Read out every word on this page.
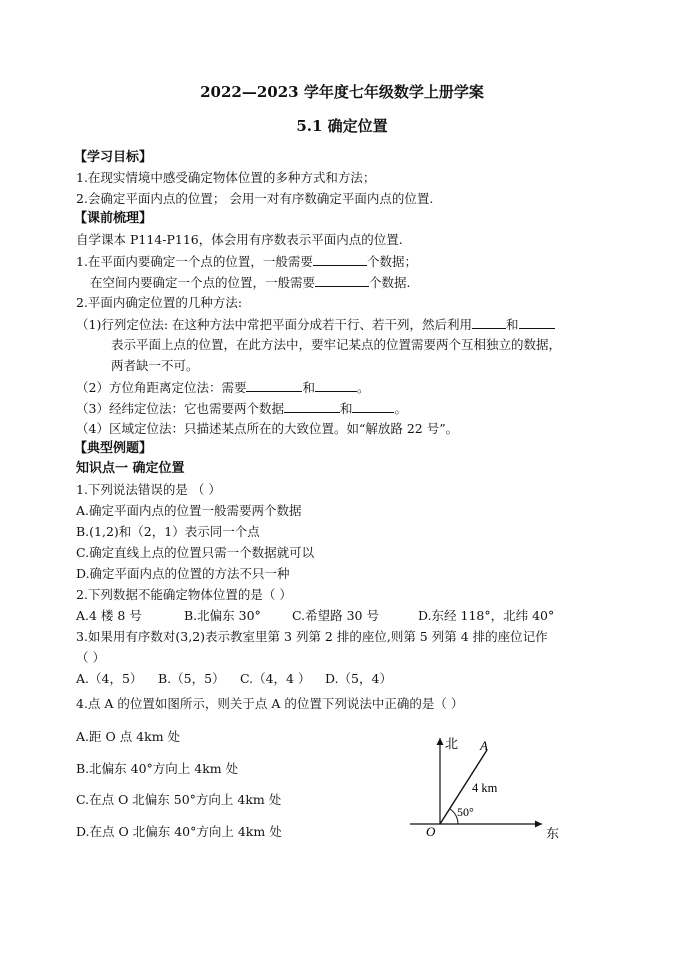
2022—2023 学年度七年级数学上册学案
5.1 确定位置
【学习目标】
1.在现实情境中感受确定物体位置的多种方式和方法；
2.会确定平面内点的位置； 会用一对有序数确定平面内点的位置.
【课前梳理】
自学课本 P114-P116，体会用有序数表示平面内点的位置.
1.在平面内要确定一个点的位置，一般需要	个数据；
在空间内要确定一个点的位置，一般需要	个数据.
2.平面内确定位置的几种方法:
（1)行列定位法: 在这种方法中常把平面分成若干行、若干列，然后利用	和
表示平面上点的位置，在此方法中，要牢记某点的位置需要两个互相独立的数据，
两者缺一不可。
（2）方位角距离定位法：需要	和	。
（3）经纬定位法：它也需要两个数据	和	。
（4）区域定位法：只描述某点所在的大致位置。如“解放路 22 号”。
【典型例题】
知识点一 确定位置
1.下列说法错误的是 （ ）
A.确定平面内点的位置一般需要两个数据
B.(1,2)和（2，1）表示同一个点
C.确定直线上点的位置只需一个数据就可以
D.确定平面内点的位置的方法不只一种
2.下列数据不能确定物体位置的是（ ）
A.4 楼 8 号	B.北偏东 30° C.希望路 30 号	D.东经 118°，北纬 40°
3.如果用有序数对(3,2)表示教室里第 3 列第 2 排的座位,则第 5 列第 4 排的座位记作
（ ）
A.（4，5） B.（5，5） C.（4，4 ） D.（5，4）
4.点 A 的位置如图所示，则关于点 A 的位置下列说法中正确的是（ ）
A.距 O 点 4km 处
B.北偏东 40°方向上 4km 处
C.在点 O 北偏东 50°方向上 4km 处
D.在点 O 北偏东 40°方向上 4km 处
北
东
O
A
4 km
50°
